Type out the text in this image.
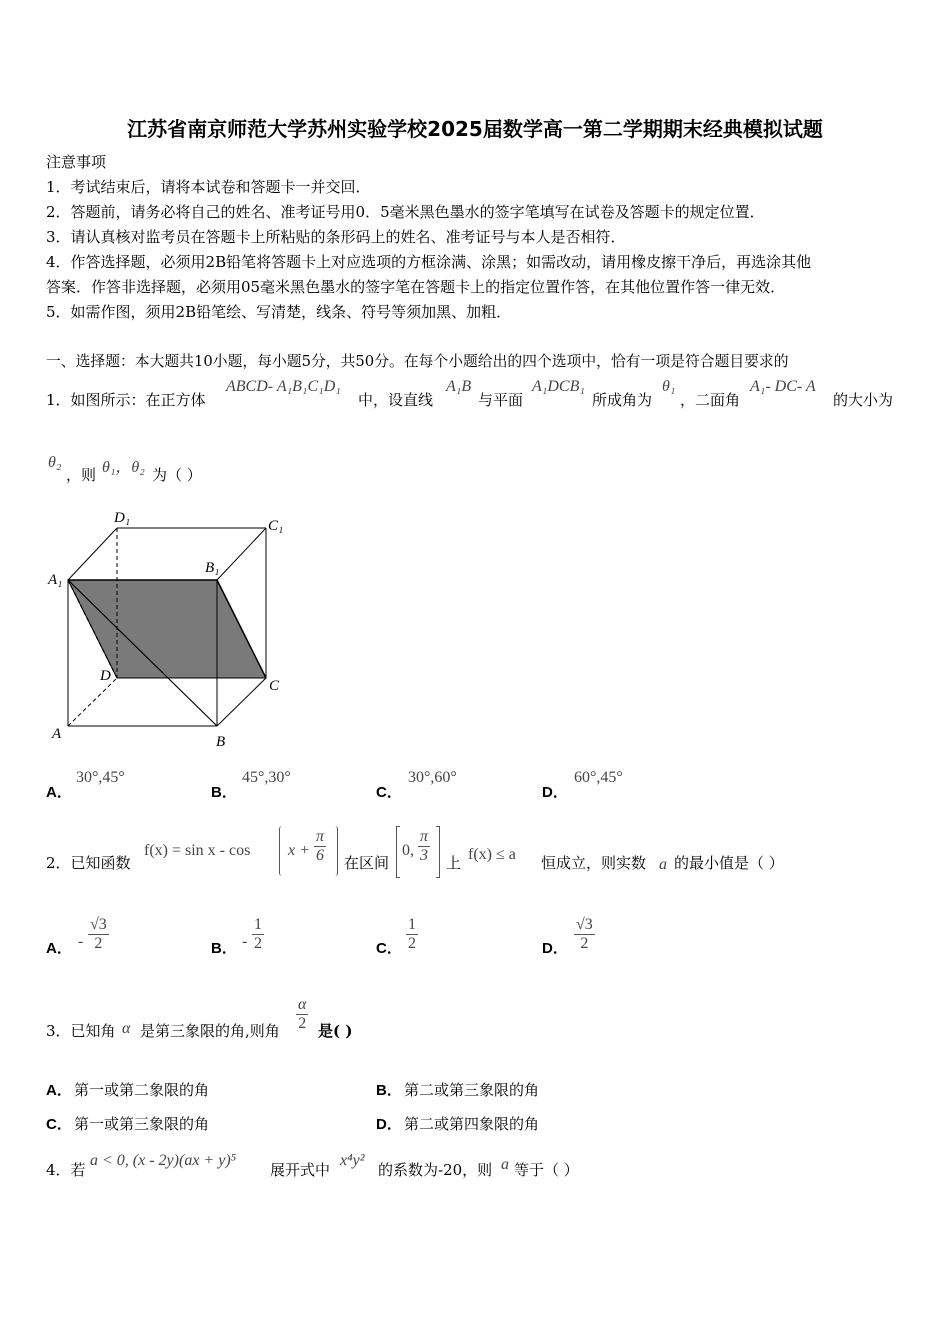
江苏省南京师范大学苏州实验学校2025届数学高一第二学期期末经典模拟试题
注意事项
1．考试结束后，请将本试卷和答题卡一并交回．
2．答题前，请务必将自己的姓名、准考证号用0．5毫米黑色墨水的签字笔填写在试卷及答题卡的规定位置．
3．请认真核对监考员在答题卡上所粘贴的条形码上的姓名、准考证号与本人是否相符．
4．作答选择题，必须用2B铅笔将答题卡上对应选项的方框涂满、涂黑；如需改动，请用橡皮擦干净后，再选涂其他
答案．作答非选择题，必须用05毫米黑色墨水的签字笔在答题卡上的指定位置作答，在其他位置作答一律无效．
5．如需作图，须用2B铅笔绘、写清楚，线条、符号等须加黑、加粗．
一、选择题：本大题共10小题，每小题5分，共50分。在每个小题给出的四个选项中，恰有一项是符合题目要求的
1．如图所示：在正方体
ABCD- A₁B₁C₁D₁
中，设直线
A₁B
与平面
A₁DCB₁
所成角为
θ₁
，二面角
A₁- DC- A
的大小为
θ₂
，则 θ₁，θ₂ 为（ ）
D₁	C₁
A₁
B₁
D
C
A	B
A．
30°,45°
B．
45°,30°
C．
30°,60°
D．
60°,45°
2．已知函数
f(x) = sin x - cos x +
π
6 在区间
0,
π
3 上 f(x) ≤ a 恒成立，则实数 a 的最小值是（ ）
A． - $\frac{√3}{2}$	B． - $\frac{1}{2}$	C． $\frac{1}{2}$	D． $\frac{√3}{2}$
3．已知角 α 是第三象限的角,则角 $\frac{\alpha}{2}$ 是( )
A． 第一或第二象限的角	B． 第二或第三象限的角
C． 第一或第三象限的角	D． 第二或第四象限的角
4．若
a < 0, (x - 2y)(ax + y)⁵
展开式中
x⁴y²
的系数为-20，则 a 等于（ ）
